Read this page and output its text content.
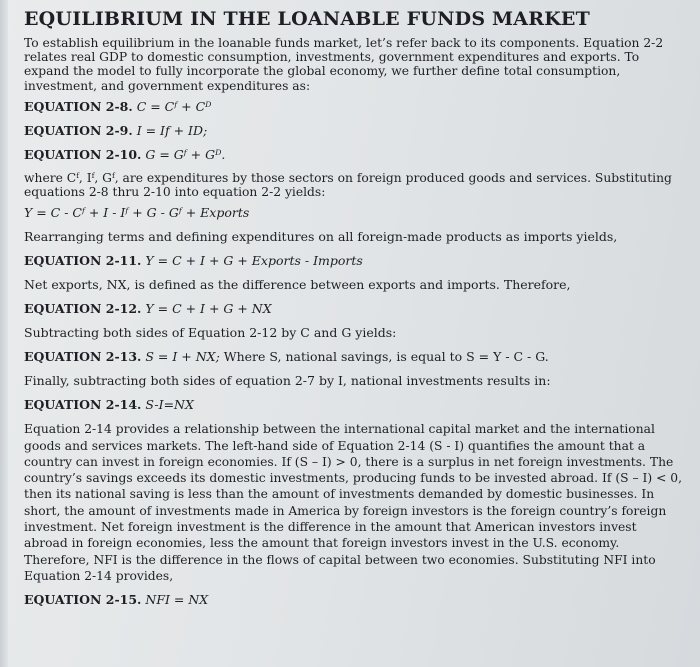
EQUILIBRIUM IN THE LOANABLE FUNDS MARKET

To establish equilibrium in the loanable funds market, let’s refer back to its components. Equation 2-2 relates real GDP to domestic consumption, investments, government expenditures and exports. To expand the model to fully incorporate the global economy, we further define total consumption, investment, and government expenditures as:

EQUATION 2-8. C = Cᶠ + Cᴰ
EQUATION 2-9. I = If + ID;
EQUATION 2-10. G = Gᶠ + Gᴰ.

where Cᶠ, Iᶠ, Gᶠ, are expenditures by those sectors on foreign produced goods and services. Substituting equations 2-8 thru 2-10 into equation 2-2 yields:

Y = C - Cᶠ + I - Iᶠ + G - Gᶠ + Exports
Rearranging terms and defining expenditures on all foreign-made products as imports yields,
EQUATION 2-11. Y = C + I + G + Exports - Imports
Net exports, NX, is defined as the difference between exports and imports. Therefore,
EQUATION 2-12. Y = C + I + G + NX
Subtracting both sides of Equation 2-12 by C and G yields:
EQUATION 2-13. S = I + NX; Where S, national savings, is equal to S = Y - C - G.
Finally, subtracting both sides of equation 2-7 by I, national investments results in:
EQUATION 2-14. S-I=NX

Equation 2-14 provides a relationship between the international capital market and the international goods and services markets. The left-hand side of Equation 2-14 (S - I) quantifies the amount that a country can invest in foreign economies. If (S – I) > 0, there is a surplus in net foreign investments. The country’s savings exceeds its domestic investments, producing funds to be invested abroad. If (S – I) < 0, then its national saving is less than the amount of investments demanded by domestic businesses. In short, the amount of investments made in America by foreign investors is the foreign country’s foreign investment. Net foreign investment is the difference in the amount that American investors invest abroad in foreign economies, less the amount that foreign investors invest in the U.S. economy. Therefore, NFI is the difference in the flows of capital between two economies. Substituting NFI into Equation 2-14 provides,

EQUATION 2-15. NFI = NX
